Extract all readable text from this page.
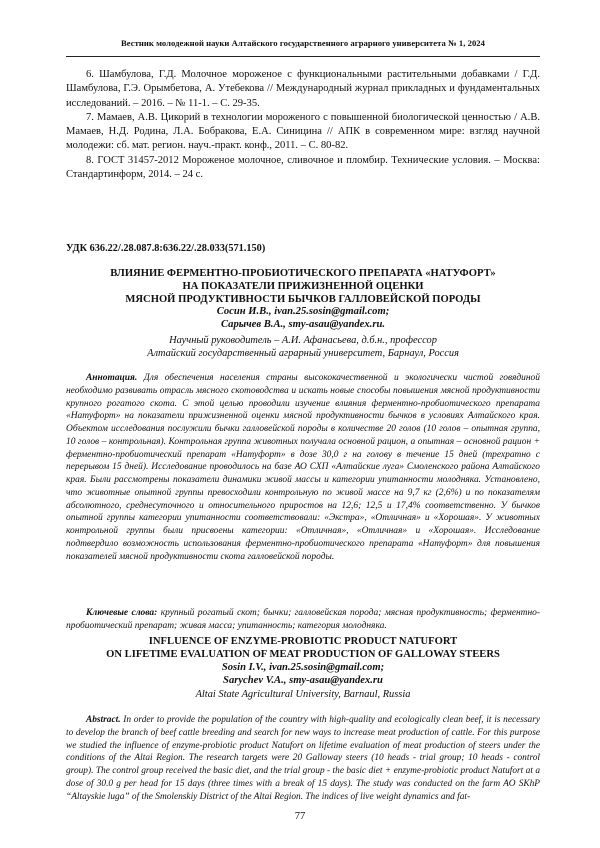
Вестник молодежной науки Алтайского государственного аграрного университета № 1, 2024

6. Шамбулова, Г.Д. Молочное мороженое с функциональными растительными добавками / Г.Д. Шамбулова, Г.Э. Орымбетова, А. Утебекова // Международный журнал прикладных и фундаментальных исследований. – 2016. – № 11-1. – С. 29-35.

7. Мамаев, А.В. Цикорий в технологии мороженого с повышенной биологической ценностью / А.В. Мамаев, Н.Д. Родина, Л.А. Бобракова, Е.А. Синицина // АПК в современном мире: взгляд научной молодежи: сб. мат. регион. науч.-практ. конф., 2011. – С. 80-82.

8. ГОСТ 31457-2012 Мороженое молочное, сливочное и пломбир. Технические условия. – Москва: Стандартинформ, 2014. – 24 с.

УДК 636.22/.28.087.8:636.22/.28.033(571.150)
ВЛИЯНИЕ ФЕРМЕНТНО-ПРОБИОТИЧЕСКОГО ПРЕПАРАТА «НАТУФОРТ»
НА ПОКАЗАТЕЛИ ПРИЖИЗНЕННОЙ ОЦЕНКИ
МЯСНОЙ ПРОДУКТИВНОСТИ БЫЧКОВ ГАЛЛОВЕЙСКОЙ ПОРОДЫ
Сосин И.В., ivan.25.sosin@gmail.com;
Сарычев В.А., smy-asau@yandex.ru.
Научный руководитель – А.И. Афанасьева, д.б.н., профессор
Алтайский государственный аграрный университет, Барнаул, Россия

Аннотация. Для обеспечения населения страны высококачественной и экологически чистой говядиной необходимо развивать отрасль мясного скотоводства и искать новые способы повышения мясной продуктивности крупного рогатого скота. С этой целью проводили изучение влияния ферментно-пробиотического препарата «Натуфорт» на показатели прижизненной оценки мясной продуктивности бычков в условиях Алтайского края. Объектом исследования послужили бычки галловейской породы в количестве 20 голов (10 голов – опытная группа, 10 голов – контрольная). Контрольная группа животных получала основной рацион, а опытная – основной рацион + ферментно-пробиотический препарат «Натуфорт» в дозе 30,0 г на голову в течение 15 дней (трехратно с перерывом 15 дней). Исследование проводилось на базе АО СХП «Алтайские луга» Смоленского района Алтайского края. Были рассмотрены показатели динамики живой массы и категории упитанности молодняка. Установлено, что животные опытной группы превосходили контрольную по живой массе на 9,7 кг (2,6%) и по показателям абсолютного, среднесуточного и относительного приростов на 12,6; 12,5 и 17,4% соответственно. У бычков опытной группы категории упитанности соответствовали: «Экстра», «Отличная» и «Хорошая». У животных контрольной группы были присвоены категории: «Отличная», «Отличная» и «Хорошая». Исследование подтвердило возможность использования ферментно-пробиотического препарата «Натуфорт» для повышения показателей мясной продуктивности скота галловейской породы.

Ключевые слова: крупный рогатый скот; бычки; галловейская порода; мясная продуктивность; ферментно-пробиотический препарат; живая масса; упитанность; категория молодняка.

INFLUENCE OF ENZYME-PROBIOTIC PRODUCT NATUFORT
ON LIFETIME EVALUATION OF MEAT PRODUCTION OF GALLOWAY STEERS
Sosin I.V., ivan.25.sosin@gmail.com;
Sarychev V.A., smy-asau@yandex.ru
Altai State Agricultural University, Barnaul, Russia

Abstract. In order to provide the population of the country with high-quality and ecologically clean beef, it is necessary to develop the branch of beef cattle breeding and search for new ways to increase meat production of cattle. For this purpose we studied the influence of enzyme-probiotic product Natufort on lifetime evaluation of meat production of steers under the conditions of the Altai Region. The research targets were 20 Galloway steers (10 heads - trial group; 10 heads - control group). The control group received the basic diet, and the trial group - the basic diet + enzyme-probiotic product Natufort at a dose of 30.0 g per head for 15 days (three times with a break of 15 days). The study was conducted on the farm AO SKhP “Altayskie luga” of the Smolenskiy District of the Altai Region. The indices of live weight dynamics and fat-

77
